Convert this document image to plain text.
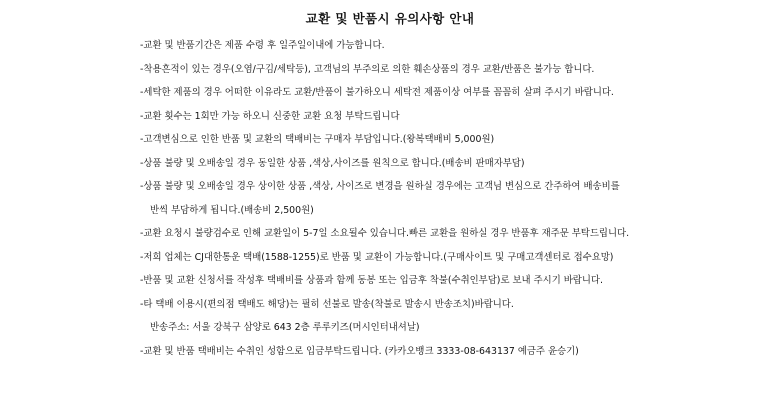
교환 및 반품시 유의사항 안내
-교환 및 반품기간은 제품 수령 후 일주일이내에 가능합니다.
-착용흔적이 있는 경우(오염/구김/세탁등), 고객님의 부주의로 의한 훼손상품의 경우 교환/반품은 불가능 합니다.
-세탁한 제품의 경우 어떠한 이유라도 교환/반품이 불가하오니 세탁전 제품이상 여부를 꼼꼼히 살펴 주시기 바랍니다.
-교환 횟수는 1회만 가능 하오니 신중한 교환 요청 부탁드립니다
-고객변심으로 인한 반품 및 교환의 택배비는 구매자 부담입니다.(왕복택배비 5,000원)
-상품 불량 및 오배송일 경우 동일한 상품 ,색상,사이즈를 원칙으로 합니다.(배송비 판매자부담)
-상품 불량 및 오배송일 경우 상이한 상품 ,색상, 사이즈로 변경을 원하실 경우에는 고객님 변심으로 간주하여 배송비를
반씩 부담하게 됩니다.(배송비 2,500원)
-교환 요청시 불량검수로 인해 교환일이 5-7일 소요될수 있습니다.빠른 교환을 원하실 경우 반품후 재주문 부탁드립니다.
-저희 업체는 CJ대한통운 택배(1588-1255)로 반품 및 교환이 가능합니다.(구매사이트 및 구매고객센터로 접수요망)
-반품 및 교환 신청서를 작성후 택배비를 상품과 함께 동봉 또는 입금후 착불(수취인부담)로 보내 주시기 바랍니다.
-타 택배 이용시(편의점 택배도 해당)는 필히 선불로 발송(착불로 발송시 반송조치)바랍니다.
반송주소: 서울 강북구 삼양로 643 2층 루루키즈(머시인터내셔날)
-교환 및 반품 택배비는 수취인 성함으로 입금부탁드립니다. (카카오뱅크 3333-08-643137 예금주 윤승기)
